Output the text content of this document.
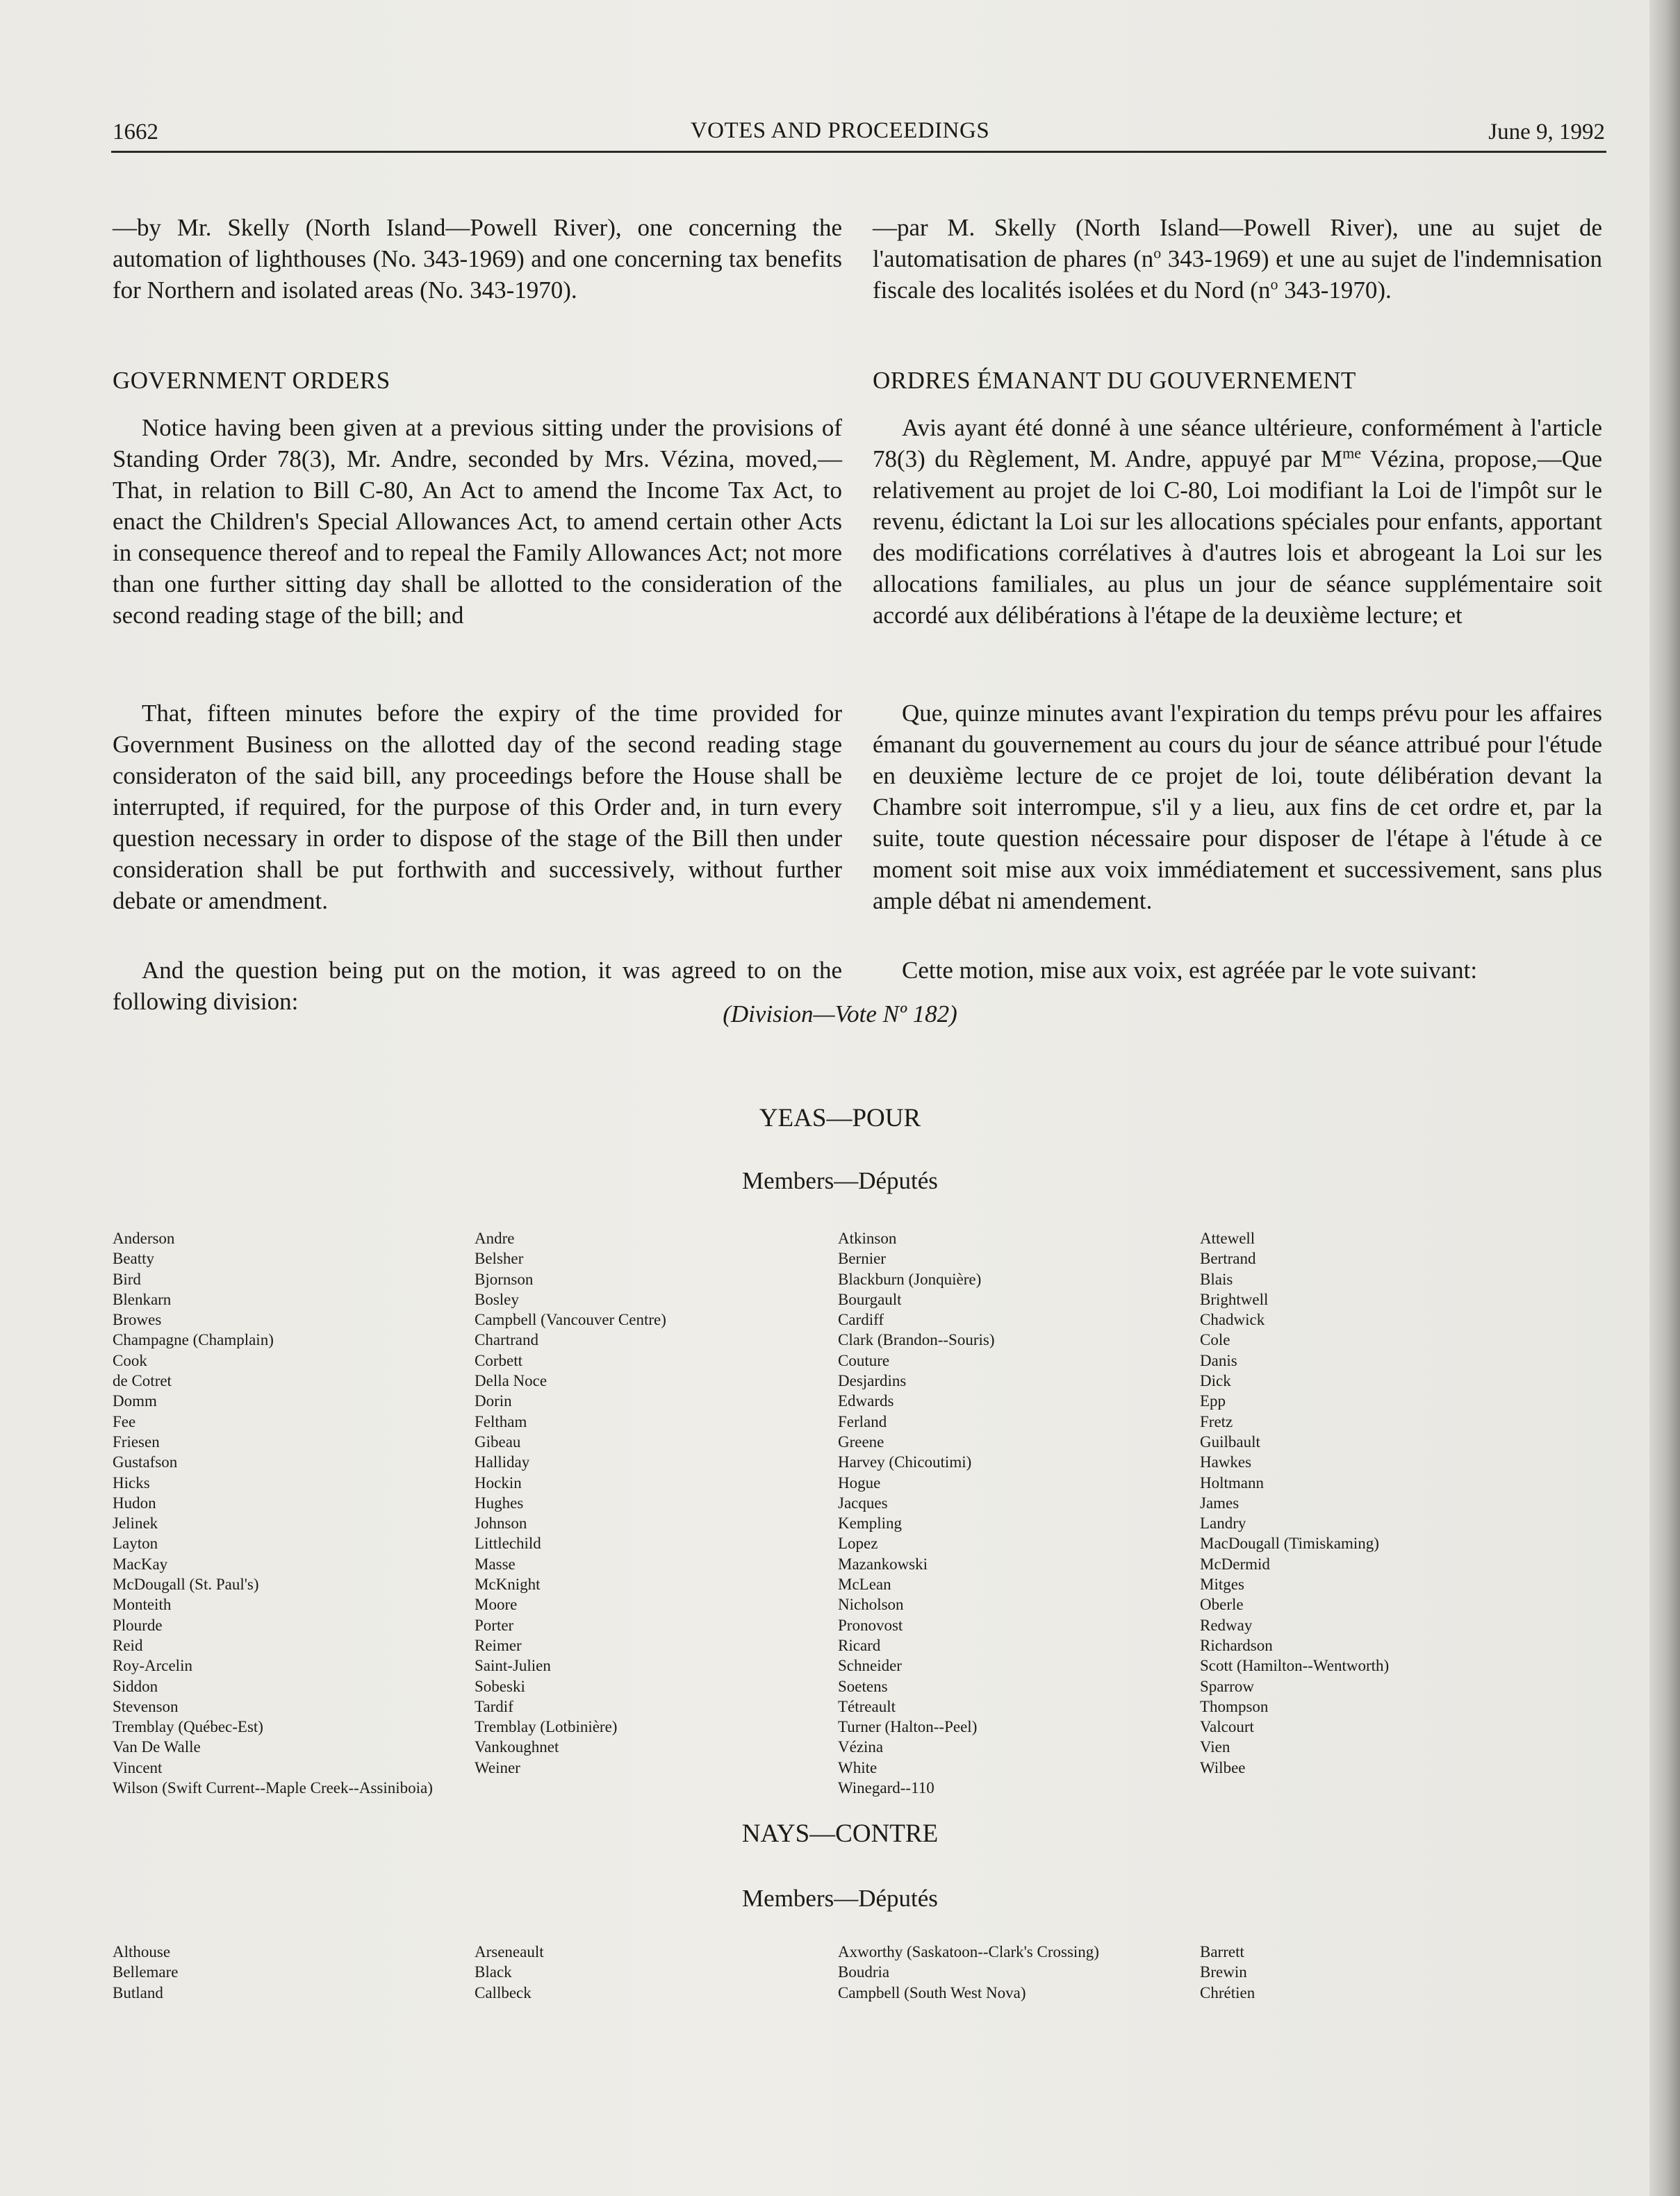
1662	VOTES AND PROCEEDINGS	June 9, 1992

—by Mr. Skelly (North Island—Powell River), one concerning the automation of lighthouses (No. 343-1969) and one concerning tax benefits for Northern and isolated areas (No. 343-1970).

GOVERNMENT ORDERS

Notice having been given at a previous sitting under the provisions of Standing Order 78(3), Mr. Andre, seconded by Mrs. Vézina, moved,—That, in relation to Bill C-80, An Act to amend the Income Tax Act, to enact the Children's Special Allowances Act, to amend certain other Acts in consequence thereof and to repeal the Family Allowances Act; not more than one further sitting day shall be allotted to the consideration of the second reading stage of the bill; and

That, fifteen minutes before the expiry of the time provided for Government Business on the allotted day of the second reading stage consideraton of the said bill, any proceedings before the House shall be interrupted, if required, for the purpose of this Order and, in turn every question necessary in order to dispose of the stage of the Bill then under consideration shall be put forthwith and successively, without further debate or amendment.

And the question being put on the motion, it was agreed to on the following division:

—par M. Skelly (North Island—Powell River), une au sujet de l'automatisation de phares ($n^o$ 343-1969) et une au sujet de l'indemnisation fiscale des localités isolées et du Nord ($n^o$ 343-1970).

ORDRES ÉMANANT DU GOUVERNEMENT

Avis ayant été donné à une séance ultérieure, conformément à l'article 78(3) du Règlement, M. Andre, appuyé par $M^{me}$ Vézina, propose,—Que relativement au projet de loi C-80, Loi modifiant la Loi de l'impôt sur le revenu, édictant la Loi sur les allocations spéciales pour enfants, apportant des modifications corrélatives à d'autres lois et abrogeant la Loi sur les allocations familiales, au plus un jour de séance supplémentaire soit accordé aux délibérations à l'étape de la deuxième lecture; et

Que, quinze minutes avant l'expiration du temps prévu pour les affaires émanant du gouvernement au cours du jour de séance attribué pour l'étude en deuxième lecture de ce projet de loi, toute délibération devant la Chambre soit interrompue, s'il y a lieu, aux fins de cet ordre et, par la suite, toute question nécessaire pour disposer de l'étape à l'étude à ce moment soit mise aux voix immédiatement et successivement, sans plus ample débat ni amendement.

Cette motion, mise aux voix, est agréée par le vote suivant:

(Division—Vote Nº 182)
YEAS—POUR
Members—Députés
Anderson
Beatty
Bird
Blenkarn
Browes
Champagne (Champlain)
Cook
de Cotret
Domm
Fee
Friesen
Gustafson
Hicks
Hudon
Jelinek
Layton
MacKay
McDougall (St. Paul's)
Monteith
Plourde
Reid
Roy-Arcelin
Siddon
Stevenson
Tremblay (Québec-Est)
Van De Walle
Vincent
Wilson (Swift Current--Maple Creek--Assiniboia)
Andre
Belsher
Bjornson
Bosley
Campbell (Vancouver Centre)
Chartrand
Corbett
Della Noce
Dorin
Feltham
Gibeau
Halliday
Hockin
Hughes
Johnson
Littlechild
Masse
McKnight
Moore
Porter
Reimer
Saint-Julien
Sobeski
Tardif
Tremblay (Lotbinière)
Vankoughnet
Weiner
Atkinson
Bernier
Blackburn (Jonquière)
Bourgault
Cardiff
Clark (Brandon--Souris)
Couture
Desjardins
Edwards
Ferland
Greene
Harvey (Chicoutimi)
Hogue
Jacques
Kempling
Lopez
Mazankowski
McLean
Nicholson
Pronovost
Ricard
Schneider
Soetens
Tétreault
Turner (Halton--Peel)
Vézina
White
Winegard--110
Attewell
Bertrand
Blais
Brightwell
Chadwick
Cole
Danis
Dick
Epp
Fretz
Guilbault
Hawkes
Holtmann
James
Landry
MacDougall (Timiskaming)
McDermid
Mitges
Oberle
Redway
Richardson
Scott (Hamilton--Wentworth)
Sparrow
Thompson
Valcourt
Vien
Wilbee
NAYS—CONTRE
Members—Députés
Althouse
Bellemare
Butland
Arseneault
Black
Callbeck
Axworthy (Saskatoon--Clark's Crossing)
Boudria
Campbell (South West Nova)
Barrett
Brewin
Chrétien
